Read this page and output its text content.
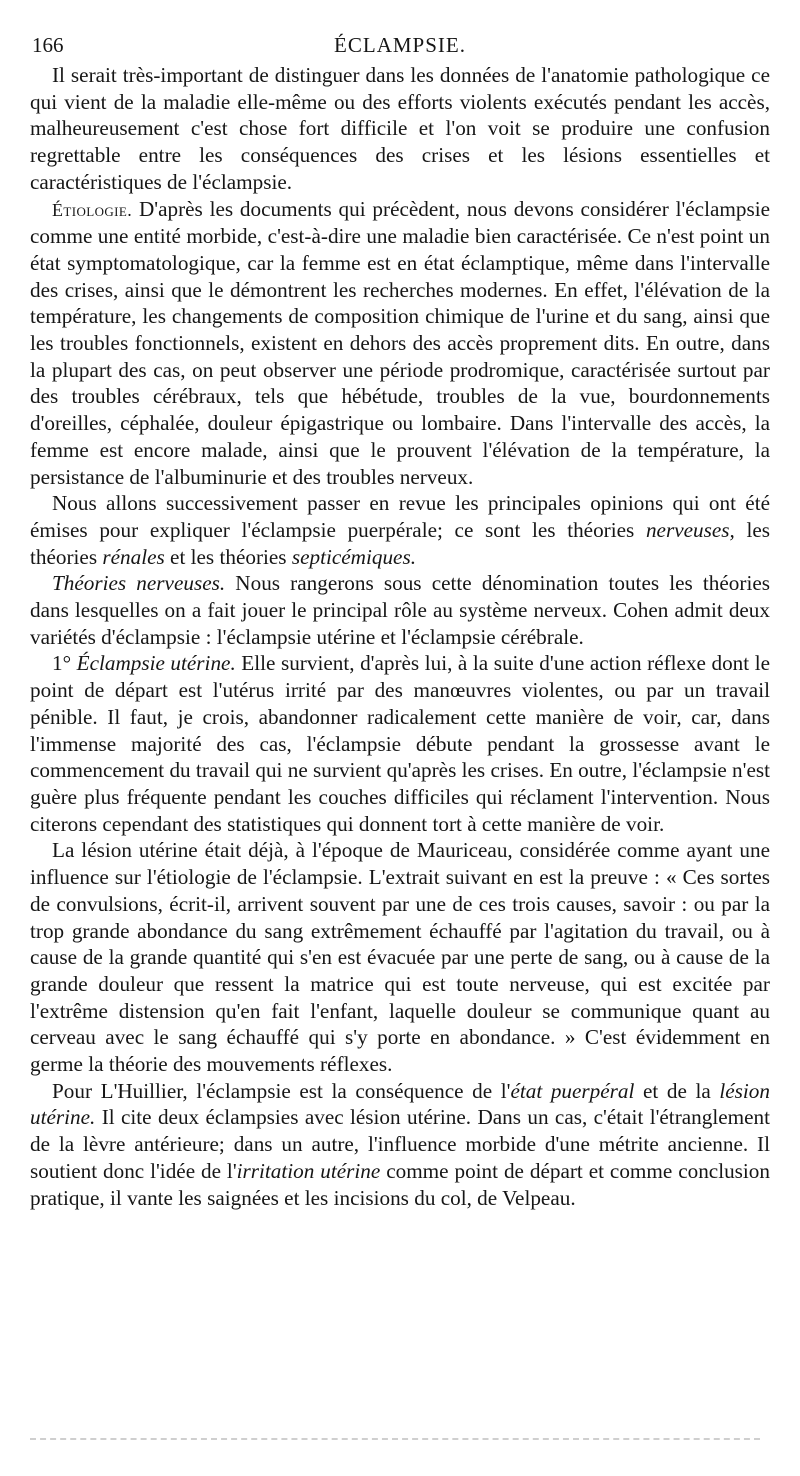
166	ÉCLAMPSIE.

Il serait très-important de distinguer dans les données de l'anatomie pathologique ce qui vient de la maladie elle-même ou des efforts violents exécutés pendant les accès, malheureusement c'est chose fort difficile et l'on voit se produire une confusion regrettable entre les conséquences des crises et les lésions essentielles et caractéristiques de l'éclampsie.

Étiologie. D'après les documents qui précèdent, nous devons considérer l'éclampsie comme une entité morbide, c'est-à-dire une maladie bien caractérisée. Ce n'est point un état symptomatologique, car la femme est en état éclamptique, même dans l'intervalle des crises, ainsi que le démontrent les recherches modernes. En effet, l'élévation de la température, les changements de composition chimique de l'urine et du sang, ainsi que les troubles fonctionnels, existent en dehors des accès proprement dits. En outre, dans la plupart des cas, on peut observer une période prodromique, caractérisée surtout par des troubles cérébraux, tels que hébétude, troubles de la vue, bourdonnements d'oreilles, céphalée, douleur épigastrique ou lombaire. Dans l'intervalle des accès, la femme est encore malade, ainsi que le prouvent l'élévation de la température, la persistance de l'albuminurie et des troubles nerveux.

Nous allons successivement passer en revue les principales opinions qui ont été émises pour expliquer l'éclampsie puerpérale; ce sont les théories nerveuses, les théories rénales et les théories septicémiques.

Théories nerveuses. Nous rangerons sous cette dénomination toutes les théories dans lesquelles on a fait jouer le principal rôle au système nerveux. Cohen admit deux variétés d'éclampsie : l'éclampsie utérine et l'éclampsie cérébrale.

1° Éclampsie utérine. Elle survient, d'après lui, à la suite d'une action réflexe dont le point de départ est l'utérus irrité par des manœuvres violentes, ou par un travail pénible. Il faut, je crois, abandonner radicalement cette manière de voir, car, dans l'immense majorité des cas, l'éclampsie débute pendant la grossesse avant le commencement du travail qui ne survient qu'après les crises. En outre, l'éclampsie n'est guère plus fréquente pendant les couches difficiles qui réclament l'intervention. Nous citerons cependant des statistiques qui donnent tort à cette manière de voir.

La lésion utérine était déjà, à l'époque de Mauriceau, considérée comme ayant une influence sur l'étiologie de l'éclampsie. L'extrait suivant en est la preuve : « Ces sortes de convulsions, écrit-il, arrivent souvent par une de ces trois causes, savoir : ou par la trop grande abondance du sang extrêmement échauffé par l'agitation du travail, ou à cause de la grande quantité qui s'en est évacuée par une perte de sang, ou à cause de la grande douleur que ressent la matrice qui est toute nerveuse, qui est excitée par l'extrême distension qu'en fait l'enfant, laquelle douleur se communique quant au cerveau avec le sang échauffé qui s'y porte en abondance. » C'est évidemment en germe la théorie des mouvements réflexes.

Pour L'Huillier, l'éclampsie est la conséquence de l'état puerpéral et de la lésion utérine. Il cite deux éclampsies avec lésion utérine. Dans un cas, c'était l'étranglement de la lèvre antérieure; dans un autre, l'influence morbide d'une métrite ancienne. Il soutient donc l'idée de l'irritation utérine comme point de départ et comme conclusion pratique, il vante les saignées et les incisions du col, de Velpeau.
